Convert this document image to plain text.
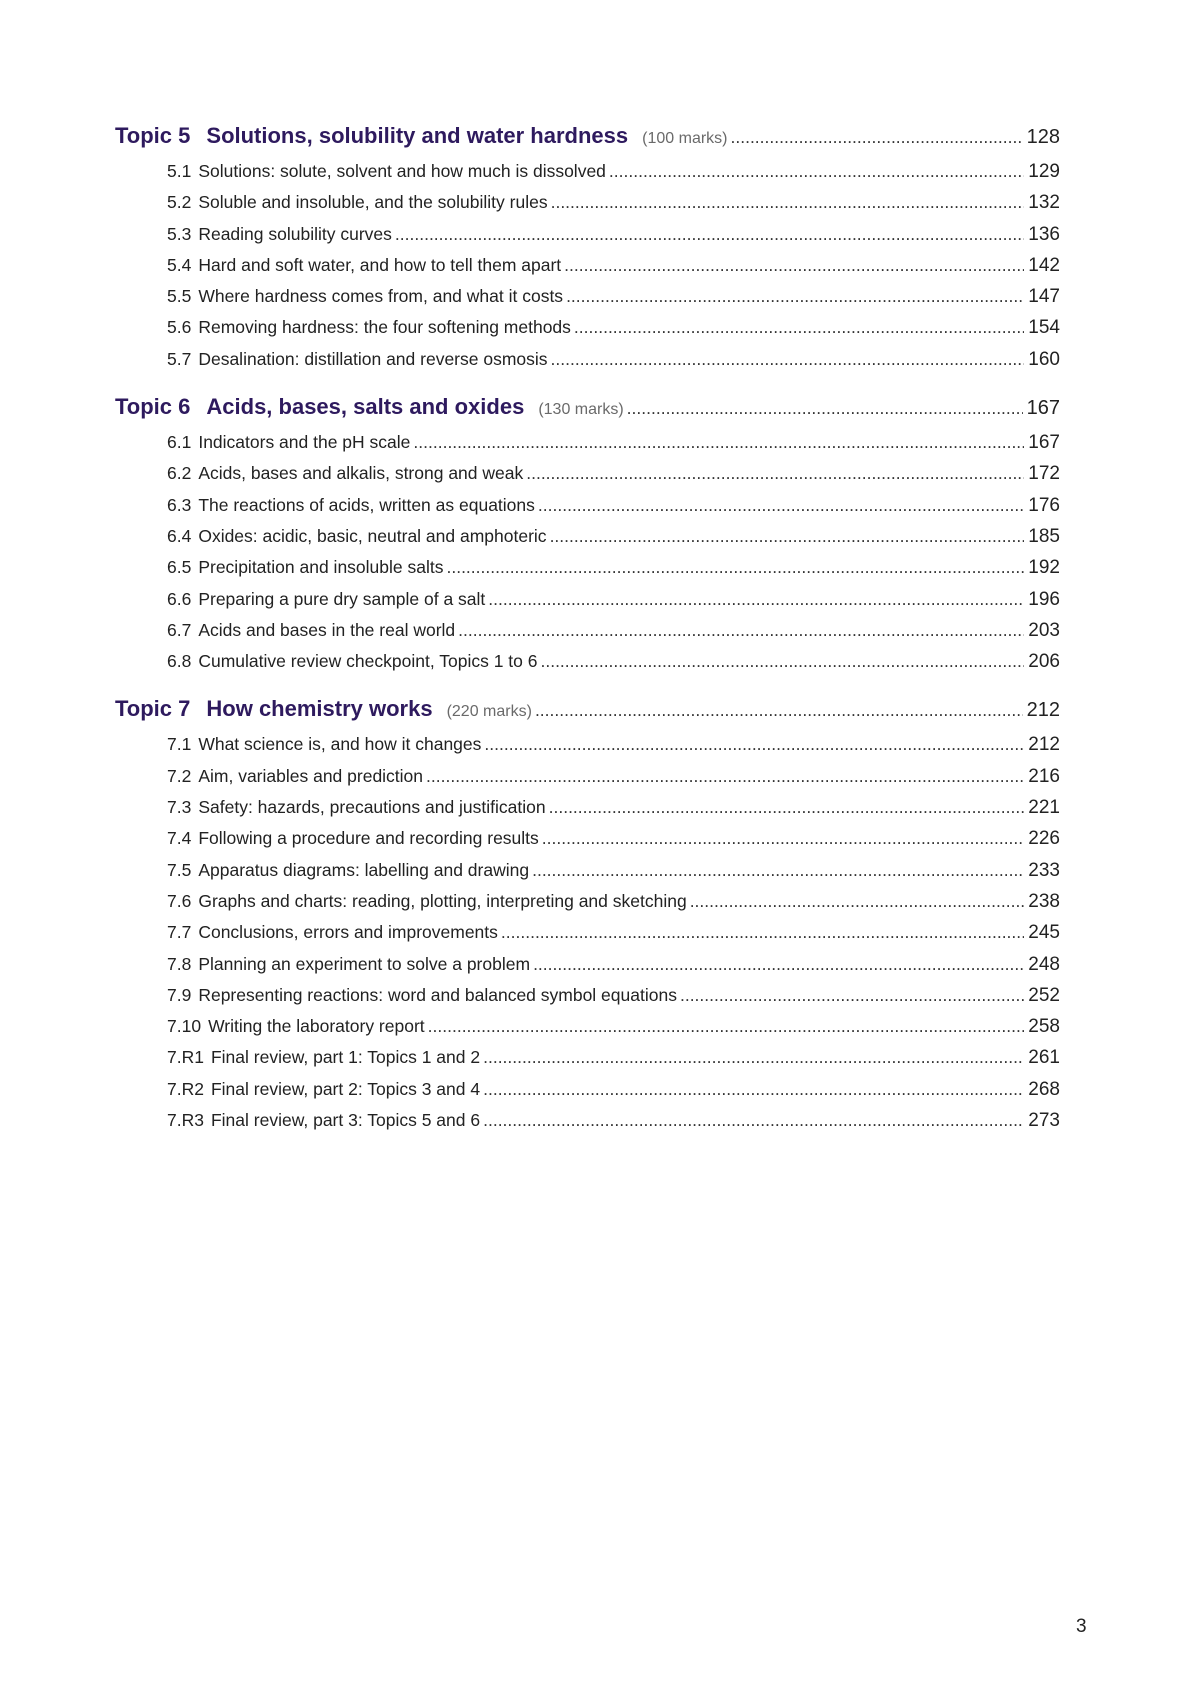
Topic 5 Solutions, solubility and water hardness (100 marks) .....	128
5.1 Solutions: solute, solvent and how much is dissolved .....	129
5.2 Soluble and insoluble, and the solubility rules .....	132
5.3 Reading solubility curves .....	136
5.4 Hard and soft water, and how to tell them apart .....	142
5.5 Where hardness comes from, and what it costs .....	147
5.6 Removing hardness: the four softening methods .....	154
5.7 Desalination: distillation and reverse osmosis .....	160
Topic 6 Acids, bases, salts and oxides (130 marks) .....	167
6.1 Indicators and the pH scale .....	167
6.2 Acids, bases and alkalis, strong and weak .....	172
6.3 The reactions of acids, written as equations .....	176
6.4 Oxides: acidic, basic, neutral and amphoteric .....	185
6.5 Precipitation and insoluble salts .....	192
6.6 Preparing a pure dry sample of a salt .....	196
6.7 Acids and bases in the real world .....	203
6.8 Cumulative review checkpoint, Topics 1 to 6 .....	206
Topic 7 How chemistry works (220 marks) .....	212
7.1 What science is, and how it changes .....	212
7.2 Aim, variables and prediction .....	216
7.3 Safety: hazards, precautions and justification .....	221
7.4 Following a procedure and recording results .....	226
7.5 Apparatus diagrams: labelling and drawing .....	233
7.6 Graphs and charts: reading, plotting, interpreting and sketching .....	238
7.7 Conclusions, errors and improvements .....	245
7.8 Planning an experiment to solve a problem .....	248
7.9 Representing reactions: word and balanced symbol equations .....	252
7.10 Writing the laboratory report .....	258
7.R1 Final review, part 1: Topics 1 and 2 .....	261
7.R2 Final review, part 2: Topics 3 and 4 .....	268
7.R3 Final review, part 3: Topics 5 and 6 .....	273
3
